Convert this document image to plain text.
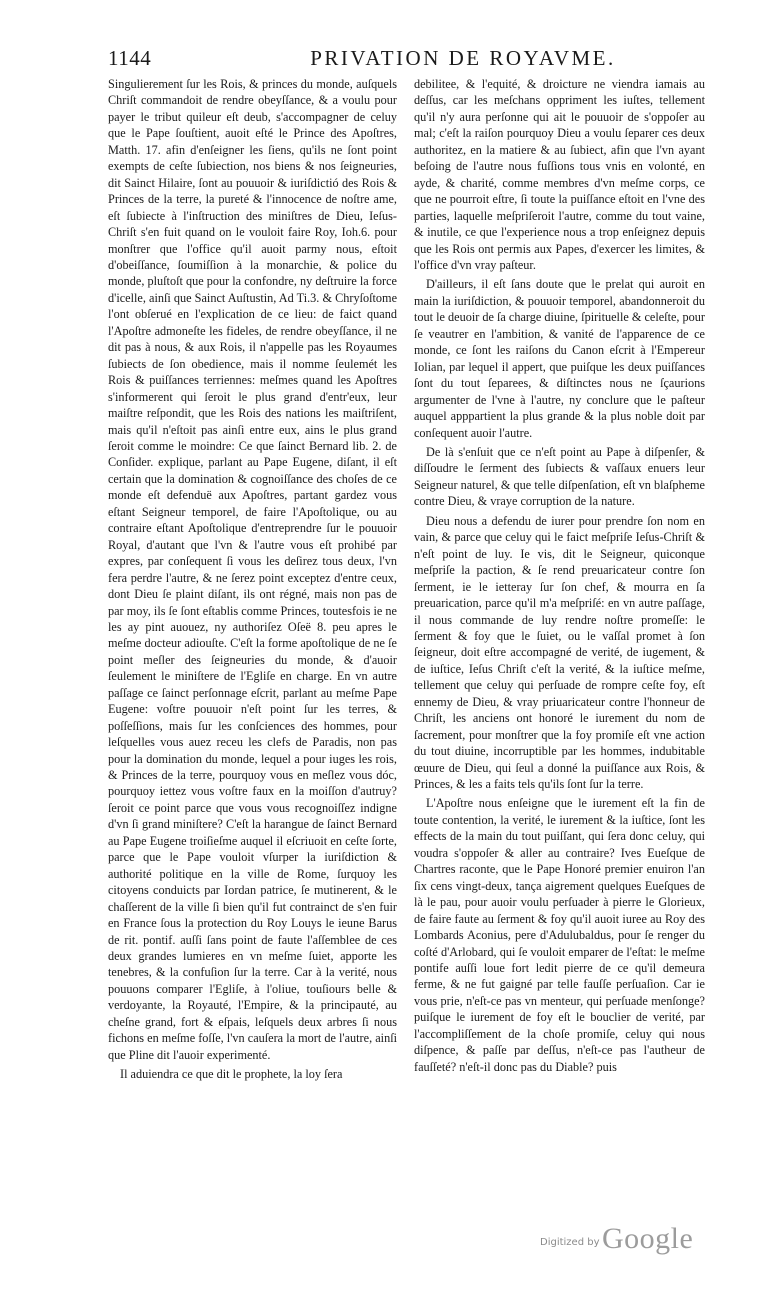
1144	PRIVATION DE ROYAVME.

Singulierement ſur les Rois, & princes du monde, auſquels Chriſt commandoit de rendre obeyſſance, & a voulu pour payer le tribut quileur eſt deub, s'accompagner de celuy que le Pape ſouſtient, auoit eſté le Prince des Apoſtres, Matth. 17. afin d'enſeigner les ſiens, qu'ils ne ſont point exempts de ceſte ſubiection, nos biens & nos ſeigneuries, dit Sainct Hilaire, ſont au pouuoir & iuriſdictió des Rois & Princes de la terre, la pureté & l'innocence de noſtre ame, eſt ſubiecte à l'inſtruction des miniſtres de Dieu, Ieſus-Chriſt s'en fuit quand on le vouloit faire Roy, Ioh.6. pour monſtrer que l'office qu'il auoit parmy nous, eſtoit d'obeiſſance, ſoumiſſion à la monarchie, & police du monde, pluſtoſt que pour la confondre, ny deſtruire la force d'icelle, ainſi que Sainct Auſtustin, Ad Ti.3. & Chryſoſtome l'ont obſerué en l'explication de ce lieu: de faict quand l'Apoſtre admoneſte les fideles, de rendre obeyſſance, il ne dit pas à nous, & aux Rois, il n'appelle pas les Royaumes ſubiects de ſon obedience, mais il nomme ſeulemét les Rois & puiſſances terriennes: meſmes quand les Apoſtres s'informerent qui ſeroit le plus grand d'entr'eux, leur maiſtre reſpondit, que les Rois des nations les maiſtriſent, mais qu'il n'eſtoit pas ainſi entre eux, ains le plus grand ſeroit comme le moindre: Ce que ſainct Bernard lib. 2. de Conſider. explique, parlant au Pape Eugene, diſant, il eſt certain que la domination & cognoiſſance des choſes de ce monde eſt defenduë aux Apoſtres, partant gardez vous eſtant Seigneur temporel, de faire l'Apoſtolique, ou au contraire eſtant Apoſtolique d'entreprendre ſur le pouuoir Royal, d'autant que l'vn & l'autre vous eſt prohibé par expres, par conſequent ſi vous les deſirez tous deux, l'vn fera perdre l'autre, & ne ſerez point exceptez d'entre ceux, dont Dieu ſe plaint diſant, ils ont régné, mais non pas de par moy, ils ſe ſont eſtablis comme Princes, toutesfois ie ne les ay pint auouez, ny authoriſez Oſeë 8. peu apres le meſme docteur adiouſte. C'eſt la forme apoſtolique de ne ſe point meſler des ſeigneuries du monde, & d'auoir ſeulement le miniſtere de l'Egliſe en charge. En vn autre paſſage ce ſainct perſonnage eſcrit, parlant au meſme Pape Eugene: voſtre pouuoir n'eſt point ſur les terres, & poſſeſſions, mais ſur les conſciences des hommes, pour leſquelles vous auez receu les clefs de Paradis, non pas pour la domination du monde, lequel a pour iuges les rois, & Princes de la terre, pourquoy vous en meſlez vous dóc, pourquoy iettez vous voſtre faux en la moiſſon d'autruy? ſeroit ce point parce que vous vous recognoiſſez indigne d'vn ſi grand miniſtere? C'eſt la harangue de ſainct Bernard au Pape Eugene troiſieſme auquel il eſcriuoit en ceſte ſorte, parce que le Pape vouloit vſurper la iuriſdiction & authorité politique en la ville de Rome, ſurquoy les citoyens conduicts par Iordan patrice, ſe mutinerent, & le chaſſerent de la ville ſi bien qu'il fut contrainct de s'en fuir en France ſous la protection du Roy Louys le ieune Barus de rit. pontif. auſſi ſans point de faute l'aſſemblee de ces deux grandes lumieres en vn meſme ſuiet, apporte les tenebres, & la confuſion ſur la terre. Car à la verité, nous pouuons comparer l'Egliſe, à l'oliue, touſiours belle & verdoyante, la Royauté, l'Empire, & la principauté, au cheſne grand, fort & eſpais, leſquels deux arbres ſi nous fichons en meſme foſſe, l'vn cauſera la mort de l'autre, ainſi que Pline dit l'auoir experimenté.

Il aduiendra ce que dit le prophete, la loy ſera

debilitee, & l'equité, & droicture ne viendra iamais au deſſus, car les meſchans oppriment les iuſtes, tellement qu'il n'y aura perſonne qui ait le pouuoir de s'oppoſer au mal; c'eſt la raiſon pourquoy Dieu a voulu ſeparer ces deux authoritez, en la matiere & au ſubiect, afin que l'vn ayant beſoing de l'autre nous fuſſions tous vnis en volonté, en ayde, & charité, comme membres d'vn meſme corps, ce que ne pourroit eſtre, ſi toute la puiſſance eſtoit en l'vne des parties, laquelle meſpriſeroit l'autre, comme du tout vaine, & inutile, ce que l'experience nous a trop enſeignez depuis que les Rois ont permis aux Papes, d'exercer les limites, & l'office d'vn vray paſteur.

D'ailleurs, il eſt ſans doute que le prelat qui auroit en main la iuriſdiction, & pouuoir temporel, abandonneroit du tout le deuoir de ſa charge diuine, ſpirituelle & celeſte, pour ſe veautrer en l'ambition, & vanité de l'apparence de ce monde, ce ſont les raiſons du Canon eſcrit à l'Empereur Iolian, par lequel il appert, que puiſque les deux puiſſances ſont du tout ſeparees, & diſtinctes nous ne ſçaurions argumenter de l'vne à l'autre, ny conclure que le paſteur auquel apppartient la plus grande & la plus noble doit par conſequent auoir l'autre.

De là s'enſuit que ce n'eſt point au Pape à diſpenſer, & diſſoudre le ſerment des ſubiects & vaſſaux enuers leur Seigneur naturel, & que telle diſpenſation, eſt vn blaſpheme contre Dieu, & vraye corruption de la nature.

Dieu nous a defendu de iurer pour prendre ſon nom en vain, & parce que celuy qui le faict meſpriſe Ieſus-Chriſt & n'eſt point de luy. Ie vis, dit le Seigneur, quiconque meſpriſe la paction, & ſe rend preuaricateur contre ſon ſerment, ie le ietteray ſur ſon chef, & mourra en ſa preuarication, parce qu'il m'a meſpriſé: en vn autre paſſage, il nous commande de luy rendre noſtre promeſſe: le ſerment & foy que le ſuiet, ou le vaſſal promet à ſon ſeigneur, doit eſtre accompagné de verité, de iugement, & de iuſtice, Ieſus Chriſt c'eſt la verité, & la iuſtice meſme, tellement que celuy qui perſuade de rompre ceſte foy, eſt ennemy de Dieu, & vray priuaricateur contre l'honneur de Chriſt, les anciens ont honoré le iurement du nom de ſacrement, pour monſtrer que la foy promiſe eſt vne action du tout diuine, incorruptible par les hommes, indubitable œuure de Dieu, qui ſeul a donné la puiſſance aux Rois, & Princes, & les a faits tels qu'ils ſont ſur la terre.

L'Apoſtre nous enſeigne que le iurement eſt la fin de toute contention, la verité, le iurement & la iuſtice, ſont les effects de la main du tout puiſſant, qui ſera donc celuy, qui voudra s'oppoſer & aller au contraire? Ives Eueſque de Chartres raconte, que le Pape Honoré premier enuiron l'an ſix cens vingt-deux, tança aigrement quelques Eueſques de là le pau, pour auoir voulu perſuader à pierre le Glorieux, de faire faute au ſerment & foy qu'il auoit iuree au Roy des Lombards Aconius, pere d'Adulubaldus, pour ſe renger du coſté d'Arlobard, qui ſe vouloit emparer de l'eſtat: le meſme pontife auſſi loue fort ledit pierre de ce qu'il demeura ferme, & ne fut gaigné par telle fauſſe perſuaſion. Car ie vous prie, n'eſt-ce pas vn menteur, qui perſuade menſonge? puiſque le iurement de foy eſt le bouclier de verité, par l'accompliſſement de la choſe promiſe, celuy qui nous diſpence, & paſſe par deſſus, n'eſt-ce pas l'autheur de fauſſeté? n'eſt-il donc pas du Diable? puis

Digitized by Google
